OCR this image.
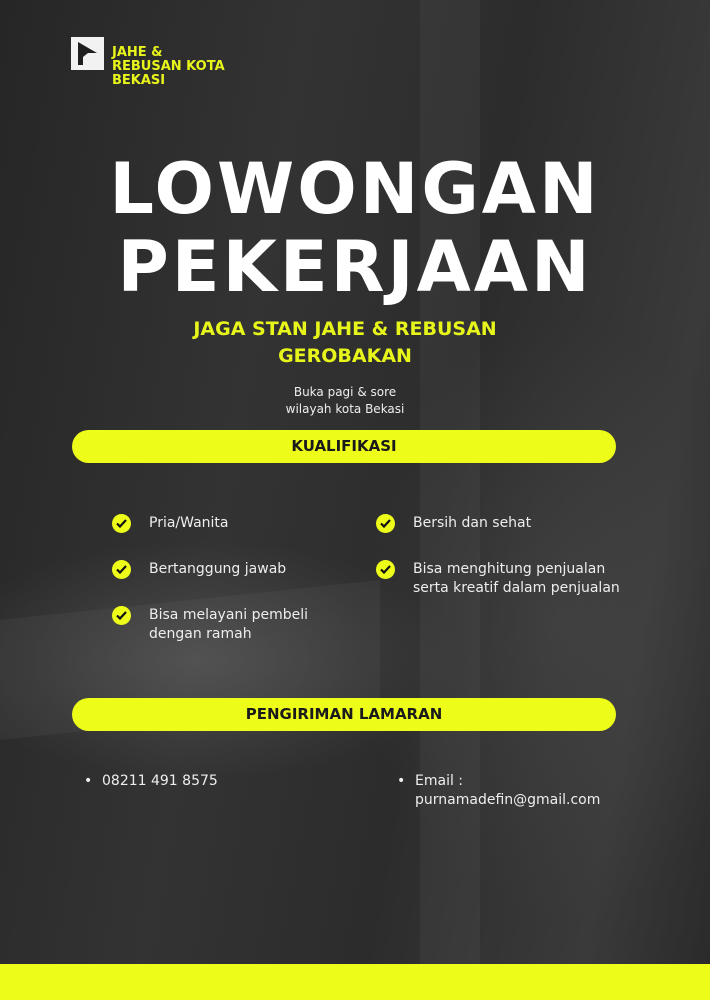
JAHE &
REBUSAN KOTA
BEKASI
LOWONGAN
PEKERJAAN
JAGA STAN JAHE & REBUSAN
GEROBAKAN
Buka pagi & sore
wilayah kota Bekasi
KUALIFIKASI
Pria/Wanita
Bertanggung jawab
Bisa melayani pembeli dengan ramah
Bersih dan sehat
Bisa menghitung penjualan serta kreatif dalam penjualan
PENGIRIMAN LAMARAN
• 08211 491 8575	• Email :
purnamadefin@gmail.com
